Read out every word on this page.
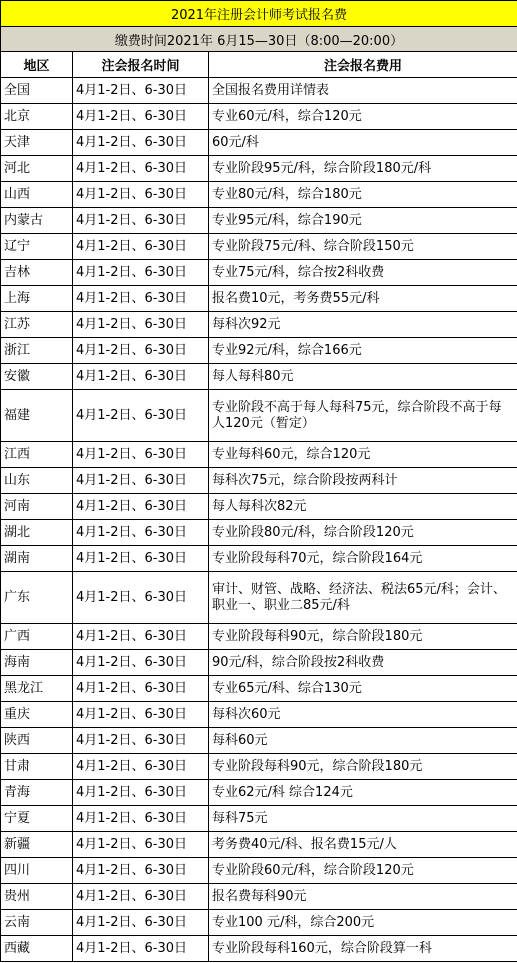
2021年注册会计师考试报名费		
缴费时间2021年 6月15—30日（8:00—20:00）		
地区	注会报名时间	注会报名费用
全国	4月1-2日、6-30日	全国报名费用详情表
北京	4月1-2日、6-30日	专业60元/科，综合120元
天津	4月1-2日、6-30日	60元/科
河北	4月1-2日、6-30日	专业阶段95元/科，综合阶段180元/科
山西	4月1-2日、6-30日	专业80元/科，综合180元
内蒙古	4月1-2日、6-30日	专业95元/科，综合190元
辽宁	4月1-2日、6-30日	专业阶段75元/科、综合阶段150元
吉林	4月1-2日、6-30日	专业75元/科，综合按2科收费
上海	4月1-2日、6-30日	报名费10元，考务费55元/科
江苏	4月1-2日、6-30日	每科次92元
浙江	4月1-2日、6-30日	专业92元/科，综合166元
安徽	4月1-2日、6-30日	每人每科80元
福建	4月1-2日、6-30日	专业阶段不高于每人每科75元，综合阶段不高于每人120元（暂定）
江西	4月1-2日、6-30日	专业每科60元，综合120元
山东	4月1-2日、6-30日	每科次75元，综合阶段按两科计
河南	4月1-2日、6-30日	每人每科次82元
湖北	4月1-2日、6-30日	专业阶段80元/科，综合阶段120元
湖南	4月1-2日、6-30日	专业阶段每科70元，综合阶段164元
广东	4月1-2日、6-30日	审计、财管、战略、经济法、税法65元/科；会计、职业一、职业二85元/科
广西	4月1-2日、6-30日	专业阶段每科90元，综合阶段180元
海南	4月1-2日、6-30日	90元/科，综合阶段按2科收费
黑龙江	4月1-2日、6-30日	专业65元/科、综合130元
重庆	4月1-2日、6-30日	每科次60元
陕西	4月1-2日、6-30日	每科60元
甘肃	4月1-2日、6-30日	专业阶段每科90元，综合阶段180元
青海	4月1-2日、6-30日	专业62元/科 综合124元
宁夏	4月1-2日、6-30日	每科75元
新疆	4月1-2日、6-30日	考务费40元/科、报名费15元/人
四川	4月1-2日、6-30日	专业阶段60元/科，综合阶段120元
贵州	4月1-2日、6-30日	报名费每科90元
云南	4月1-2日、6-30日	专业100 元/科，综合200元
西藏	4月1-2日、6-30日	专业阶段每科160元，综合阶段算一科
